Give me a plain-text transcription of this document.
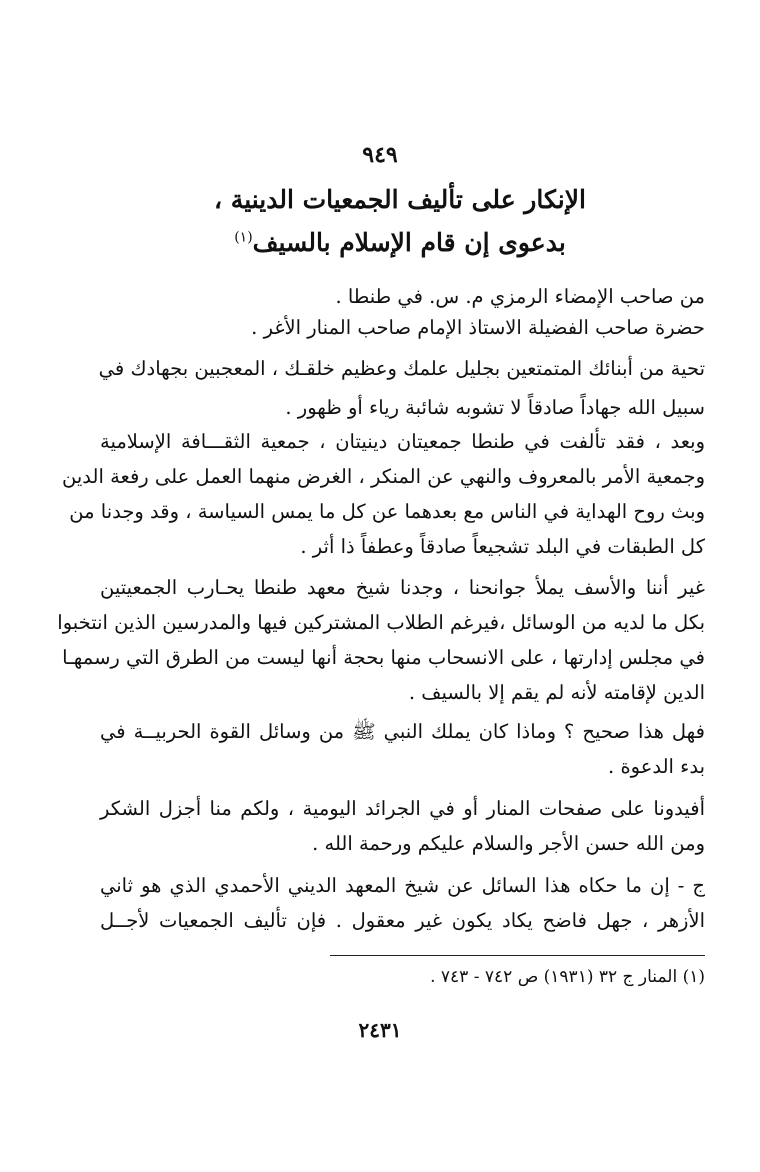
٩٤٩
الإنكار على تأليف الجمعيات الدينية ،
بدعوى إن قام الإسلام بالسيف$^{(١)}$
من صاحب الإمضاء الرمزي م. س. في طنطا .
حضرة صاحب الفضيلة الاستاذ الإمام صاحب المنار الأغر .
تحية من أبنائك المتمتعين بجليل علمك وعظيم خلقـك ، المعجبين بجهادك في
سبيل الله جهاداً صادقاً لا تشوبه شائبة رياء أو ظهور .
وبعد ، فقد تألفت في طنطا جمعيتان دينيتان ، جمعية الثقـــافة الإسلامية
وجمعية الأمر بالمعروف والنهي عن المنكر ، الغرض منهما العمل على رفعة الدين
وبث روح الهداية في الناس مع بعدهما عن كل ما يمس السياسة ، وقد وجدنا من
كل الطبقات في البلد تشجيعاً صادقاً وعطفاً ذا أثر .
غير أننا والأسف يملأ جوانحنا ، وجدنا شيخ معهد طنطا يحـارب الجمعيتين
بكل ما لديه من الوسائل ،فيرغم الطلاب المشتركين فيها والمدرسين الذين انتخبوا
في مجلس إدارتها ، على الانسحاب منها بحجة أنها ليست من الطرق التي رسمهـا
الدين لإقامته لأنه لم يقم إلا بالسيف .
فهل هذا صحيح ؟ وماذا كان يملك النبي ﷺ من وسائل القوة الحربيــة في
بدء الدعوة .
أفيدونا على صفحات المنار أو في الجرائد اليومية ، ولكم منا أجزل الشكر
ومن الله حسن الأجر والسلام عليكم ورحمة الله .
ج - إن ما حكاه هذا السائل عن شيخ المعهد الديني الأحمدي الذي هو ثاني
الأزهر ، جهل فاضح يكاد يكون غير معقول . فإن تأليف الجمعيات لأجــل
(١) المنار ج ٣٢ (١٩٣١) ص ٧٤٢ - ٧٤٣ .
٢٤٣١
